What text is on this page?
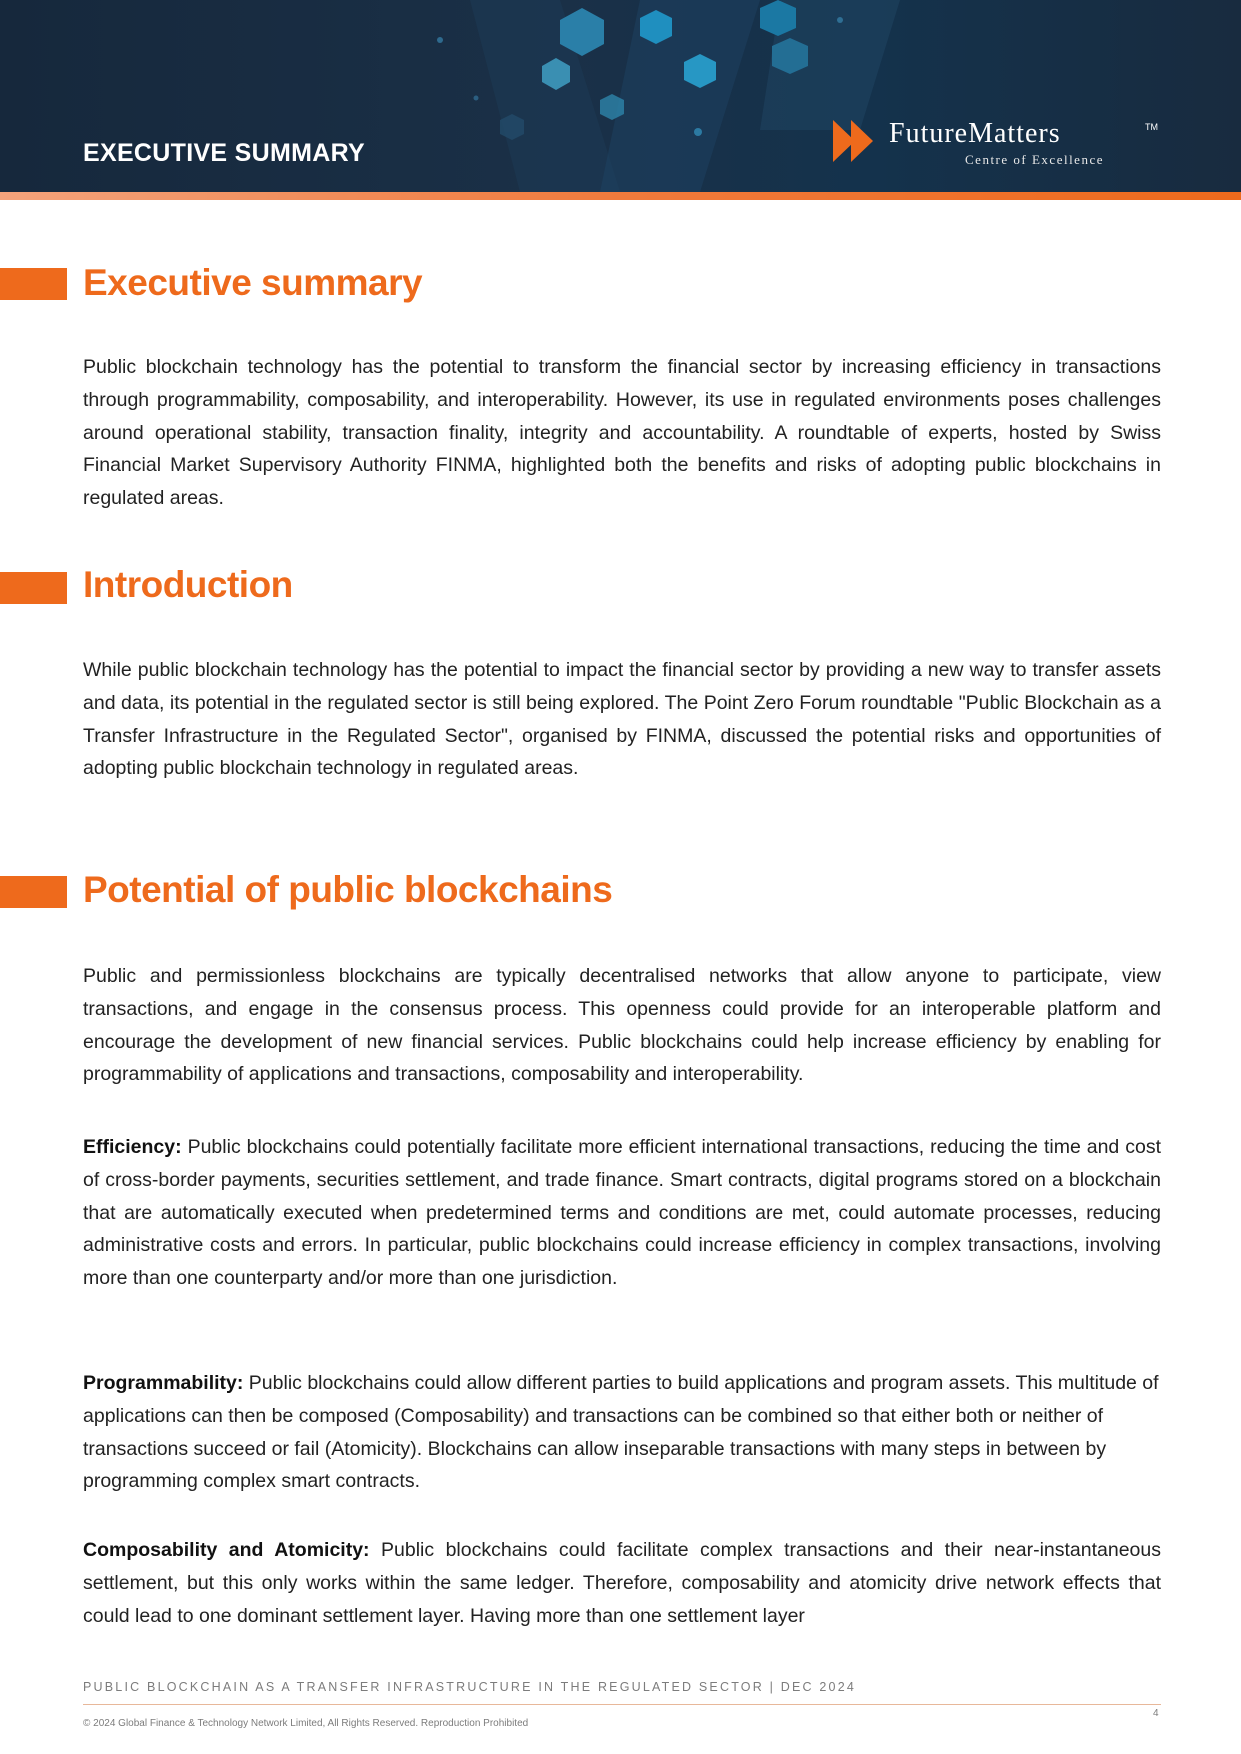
EXECUTIVE SUMMARY
FutureMatters	TM
Centre of Excellence
Executive summary

Public blockchain technology has the potential to transform the financial sector by increasing efficiency in transactions through programmability, composability, and interoperability. However, its use in regulated environments poses challenges around operational stability, transaction finality, integrity and accountability. A roundtable of experts, hosted by Swiss Financial Market Supervisory Authority FINMA, highlighted both the benefits and risks of adopting public blockchains in regulated areas.

Introduction

While public blockchain technology has the potential to impact the financial sector by providing a new way to transfer assets and data, its potential in the regulated sector is still being explored. The Point Zero Forum roundtable "Public Blockchain as a Transfer Infrastructure in the Regulated Sector", organised by FINMA, discussed the potential risks and opportunities of adopting public blockchain technology in regulated areas.

Potential of public blockchains

Public and permissionless blockchains are typically decentralised networks that allow anyone to participate, view transactions, and engage in the consensus process. This openness could provide for an interoperable platform and encourage the development of new financial services. Public blockchains could help increase efficiency by enabling for programmability of applications and transactions, composability and interoperability.

Efficiency: Public blockchains could potentially facilitate more efficient international transactions, reducing the time and cost of cross-border payments, securities settlement, and trade finance. Smart contracts, digital programs stored on a blockchain that are automatically executed when predetermined terms and conditions are met, could automate processes, reducing administrative costs and errors. In particular, public blockchains could increase efficiency in complex transactions, involving more than one counterparty and/or more than one jurisdiction.

Programmability: Public blockchains could allow different parties to build applications and program assets. This multitude of applications can then be composed (Composability) and transactions can be combined so that either both or neither of transactions succeed or fail (Atomicity). Blockchains can allow inseparable transactions with many steps in between by programming complex smart contracts.

Composability and Atomicity: Public blockchains could facilitate complex transactions and their near-instantaneous settlement, but this only works within the same ledger. Therefore, composability and atomicity drive network effects that could lead to one dominant settlement layer. Having more than one settlement layer

PUBLIC BLOCKCHAIN AS A TRANSFER INFRASTRUCTURE IN THE REGULATED SECTOR | DEC 2024
© 2024 Global Finance & Technology Network Limited, All Rights Reserved. Reproduction Prohibited
4
